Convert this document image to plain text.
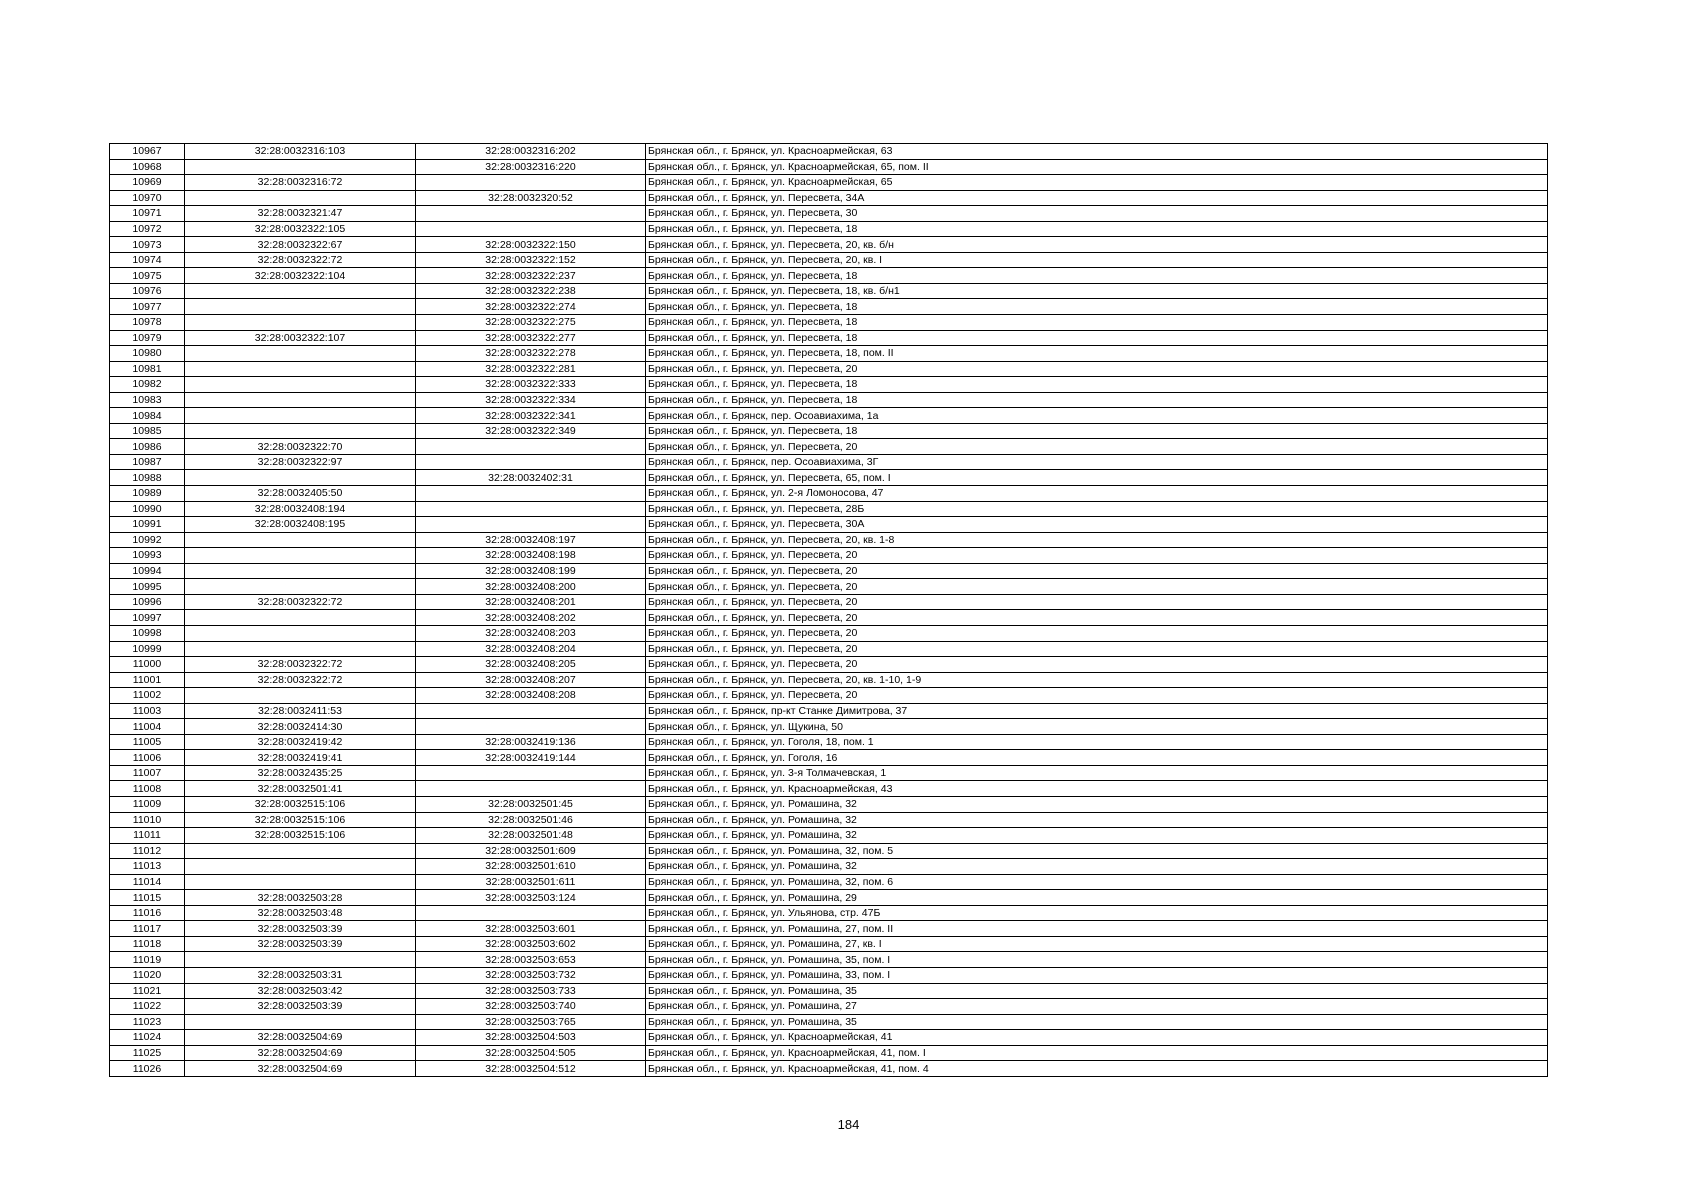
10967	32:28:0032316:103	32:28:0032316:202	Брянская обл., г. Брянск, ул. Красноармейская, 63
10968		32:28:0032316:220	Брянская обл., г. Брянск, ул. Красноармейская, 65, пом. II
10969	32:28:0032316:72		Брянская обл., г. Брянск, ул. Красноармейская, 65
10970		32:28:0032320:52	Брянская обл., г. Брянск, ул. Пересвета, 34А
10971	32:28:0032321:47		Брянская обл., г. Брянск, ул. Пересвета, 30
10972	32:28:0032322:105		Брянская обл., г. Брянск, ул. Пересвета, 18
10973	32:28:0032322:67	32:28:0032322:150	Брянская обл., г. Брянск, ул. Пересвета, 20, кв. б/н
10974	32:28:0032322:72	32:28:0032322:152	Брянская обл., г. Брянск, ул. Пересвета, 20, кв. I
10975	32:28:0032322:104	32:28:0032322:237	Брянская обл., г. Брянск, ул. Пересвета, 18
10976		32:28:0032322:238	Брянская обл., г. Брянск, ул. Пересвета, 18, кв. б/н1
10977		32:28:0032322:274	Брянская обл., г. Брянск, ул. Пересвета, 18
10978		32:28:0032322:275	Брянская обл., г. Брянск, ул. Пересвета, 18
10979	32:28:0032322:107	32:28:0032322:277	Брянская обл., г. Брянск, ул. Пересвета, 18
10980		32:28:0032322:278	Брянская обл., г. Брянск, ул. Пересвета, 18, пом. II
10981		32:28:0032322:281	Брянская обл., г. Брянск, ул. Пересвета, 20
10982		32:28:0032322:333	Брянская обл., г. Брянск, ул. Пересвета, 18
10983		32:28:0032322:334	Брянская обл., г. Брянск, ул. Пересвета, 18
10984		32:28:0032322:341	Брянская обл., г. Брянск, пер. Осоавиахима, 1а
10985		32:28:0032322:349	Брянская обл., г. Брянск, ул. Пересвета, 18
10986	32:28:0032322:70		Брянская обл., г. Брянск, ул. Пересвета, 20
10987	32:28:0032322:97		Брянская обл., г. Брянск, пер. Осоавиахима, 3Г
10988		32:28:0032402:31	Брянская обл., г. Брянск, ул. Пересвета, 65, пом. I
10989	32:28:0032405:50		Брянская обл., г. Брянск, ул. 2-я Ломоносова, 47
10990	32:28:0032408:194		Брянская обл., г. Брянск, ул. Пересвета, 28Б
10991	32:28:0032408:195		Брянская обл., г. Брянск, ул. Пересвета, 30А
10992		32:28:0032408:197	Брянская обл., г. Брянск, ул. Пересвета, 20, кв. 1-8
10993		32:28:0032408:198	Брянская обл., г. Брянск, ул. Пересвета, 20
10994		32:28:0032408:199	Брянская обл., г. Брянск, ул. Пересвета, 20
10995		32:28:0032408:200	Брянская обл., г. Брянск, ул. Пересвета, 20
10996	32:28:0032322:72	32:28:0032408:201	Брянская обл., г. Брянск, ул. Пересвета, 20
10997		32:28:0032408:202	Брянская обл., г. Брянск, ул. Пересвета, 20
10998		32:28:0032408:203	Брянская обл., г. Брянск, ул. Пересвета, 20
10999		32:28:0032408:204	Брянская обл., г. Брянск, ул. Пересвета, 20
11000	32:28:0032322:72	32:28:0032408:205	Брянская обл., г. Брянск, ул. Пересвета, 20
11001	32:28:0032322:72	32:28:0032408:207	Брянская обл., г. Брянск, ул. Пересвета, 20, кв. 1-10, 1-9
11002		32:28:0032408:208	Брянская обл., г. Брянск, ул. Пересвета, 20
11003	32:28:0032411:53		Брянская обл., г. Брянск, пр-кт Станке Димитрова, 37
11004	32:28:0032414:30		Брянская обл., г. Брянск, ул. Щукина, 50
11005	32:28:0032419:42	32:28:0032419:136	Брянская обл., г. Брянск, ул. Гоголя, 18, пом. 1
11006	32:28:0032419:41	32:28:0032419:144	Брянская обл., г. Брянск, ул. Гоголя, 16
11007	32:28:0032435:25		Брянская обл., г. Брянск, ул. 3-я Толмачевская, 1
11008	32:28:0032501:41		Брянская обл., г. Брянск, ул. Красноармейская, 43
11009	32:28:0032515:106	32:28:0032501:45	Брянская обл., г. Брянск, ул. Ромашина, 32
11010	32:28:0032515:106	32:28:0032501:46	Брянская обл., г. Брянск, ул. Ромашина, 32
11011	32:28:0032515:106	32:28:0032501:48	Брянская обл., г. Брянск, ул. Ромашина, 32
11012		32:28:0032501:609	Брянская обл., г. Брянск, ул. Ромашина, 32, пом. 5
11013		32:28:0032501:610	Брянская обл., г. Брянск, ул. Ромашина, 32
11014		32:28:0032501:611	Брянская обл., г. Брянск, ул. Ромашина, 32, пом. 6
11015	32:28:0032503:28	32:28:0032503:124	Брянская обл., г. Брянск, ул. Ромашина, 29
11016	32:28:0032503:48		Брянская обл., г. Брянск, ул. Ульянова, стр. 47Б
11017	32:28:0032503:39	32:28:0032503:601	Брянская обл., г. Брянск, ул. Ромашина, 27, пом. II
11018	32:28:0032503:39	32:28:0032503:602	Брянская обл., г. Брянск, ул. Ромашина, 27, кв. I
11019		32:28:0032503:653	Брянская обл., г. Брянск, ул. Ромашина, 35, пом. I
11020	32:28:0032503:31	32:28:0032503:732	Брянская обл., г. Брянск, ул. Ромашина, 33, пом. I
11021	32:28:0032503:42	32:28:0032503:733	Брянская обл., г. Брянск, ул. Ромашина, 35
11022	32:28:0032503:39	32:28:0032503:740	Брянская обл., г. Брянск, ул. Ромашина, 27
11023		32:28:0032503:765	Брянская обл., г. Брянск, ул. Ромашина, 35
11024	32:28:0032504:69	32:28:0032504:503	Брянская обл., г. Брянск, ул. Красноармейская, 41
11025	32:28:0032504:69	32:28:0032504:505	Брянская обл., г. Брянск, ул. Красноармейская, 41, пом. I
11026	32:28:0032504:69	32:28:0032504:512	Брянская обл., г. Брянск, ул. Красноармейская, 41, пом. 4
184
